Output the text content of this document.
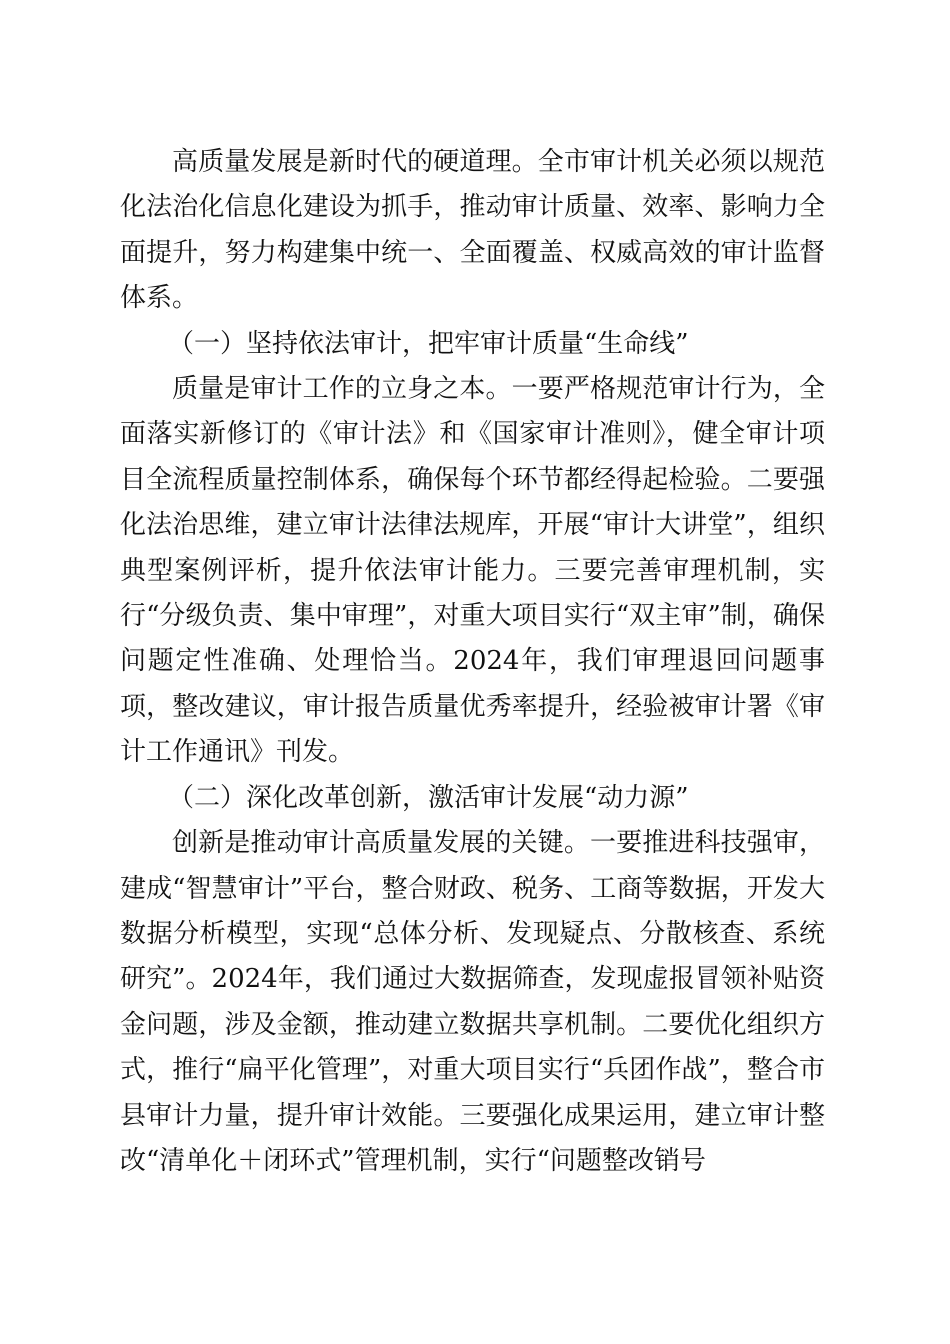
高质量发展是新时代的硬道理。全市审计机关必须以规范化法治化信息化建设为抓手，推动审计质量、效率、影响力全面提升，努力构建集中统一、全面覆盖、权威高效的审计监督体系。

（一）坚持依法审计，把牢审计质量“生命线”

质量是审计工作的立身之本。一要严格规范审计行为，全面落实新修订的《审计法》和《国家审计准则》，健全审计项目全流程质量控制体系，确保每个环节都经得起检验。二要强化法治思维，建立审计法律法规库，开展“审计大讲堂”，组织典型案例评析，提升依法审计能力。三要完善审理机制，实行“分级负责、集中审理”，对重大项目实行“双主审”制，确保问题定性准确、处理恰当。2024年，我们审理退回问题事项，整改建议，审计报告质量优秀率提升，经验被审计署《审计工作通讯》刊发。

（二）深化改革创新，激活审计发展“动力源”

创新是推动审计高质量发展的关键。一要推进科技强审，建成“智慧审计”平台，整合财政、税务、工商等数据，开发大数据分析模型，实现“总体分析、发现疑点、分散核查、系统研究”。2024年，我们通过大数据筛查，发现虚报冒领补贴资金问题，涉及金额，推动建立数据共享机制。二要优化组织方式，推行“扁平化管理”，对重大项目实行“兵团作战”，整合市县审计力量，提升审计效能。三要强化成果运用，建立审计整改“清单化＋闭环式”管理机制，实行“问题整改销号
